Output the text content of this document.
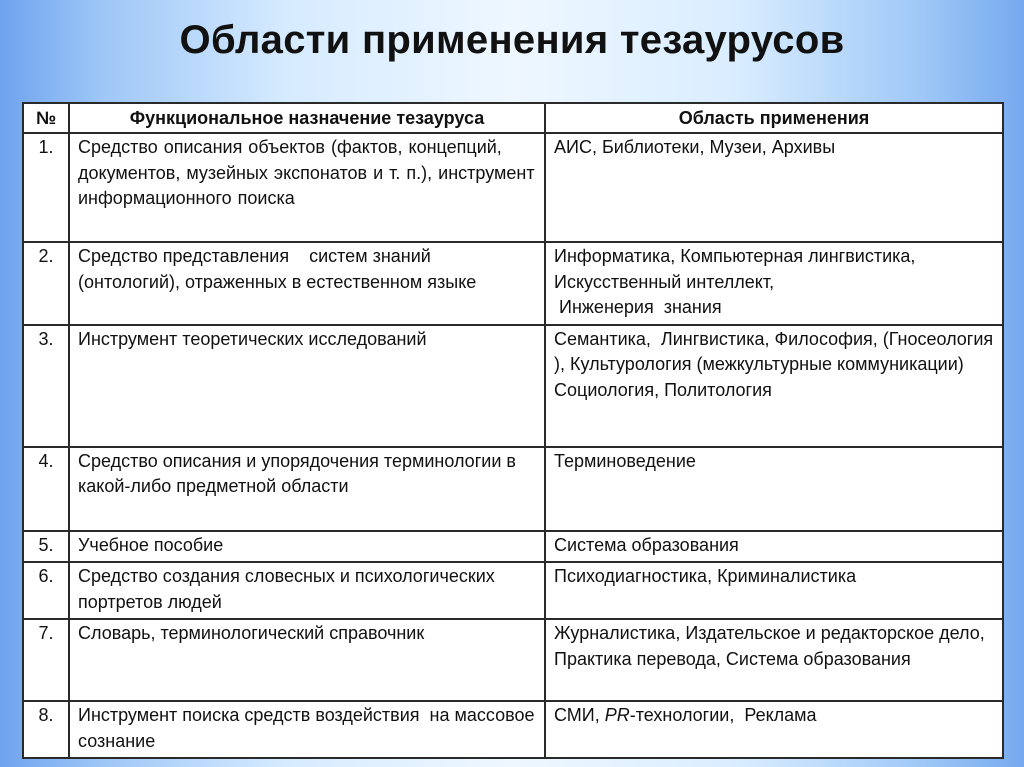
Области применения тезаурусов
№	Функциональное назначение тезауруса	Область применения
1.	Средство описания объектов (фактов, концепций, документов, музейных экспонатов и т. п.), инструмент информационного поиска	АИС, Библиотеки, Музеи, Архивы
2.	Средство представления    систем знаний (онтологий), отраженных в естественном языке	Информатика, Компьютерная лингвистика, Искусственный интеллект,
Инженерия  знания
3.	Инструмент теоретических исследований	Семантика,  Лингвистика, Философия, (Гносеология ), Культурология (межкультурные коммуникации)
Социология, Политология
4.	Средство описания и упорядочения терминологии в какой-либо предметной области	Терминоведение
5.	Учебное пособие	Система образования
6.	Средство создания словесных и психологических  портретов людей	Психодиагностика, Криминалистика
7.	Словарь, терминологический справочник	Журналистика, Издательское и редакторское дело, Практика перевода, Система образования
8.	Инструмент поиска средств воздействия  на массовое сознание	СМИ, PR-технологии,  Реклама
